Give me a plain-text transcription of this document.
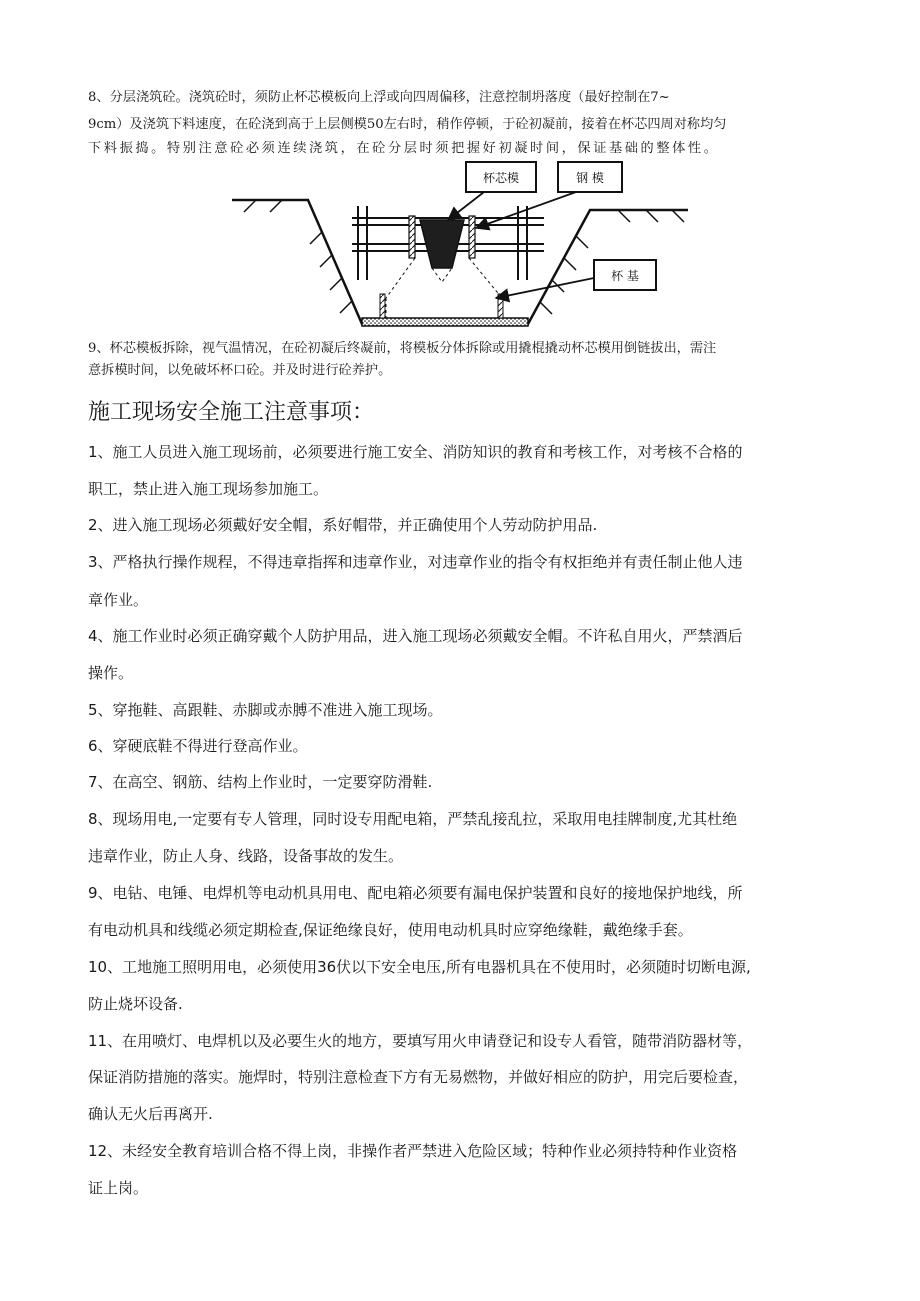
8、分层浇筑砼。浇筑砼时，须防止杯芯模板向上浮或向四周偏移，注意控制坍落度（最好控制在7~
9cm）及浇筑下料速度，在砼浇到高于上层侧模50左右时，稍作停顿，于砼初凝前，接着在杯芯四周对称均匀
下料振捣。特别注意砼必须连续浇筑，在砼分层时须把握好初凝时间，保证基础的整体性。
杯芯模	钢 模
杯 基
9、杯芯模板拆除，视气温情况，在砼初凝后终凝前，将模板分体拆除或用撬棍撬动杯芯模用倒链拔出，需注
意拆模时间，以免破坏杯口砼。并及时进行砼养护。
施工现场安全施工注意事项：
1、施工人员进入施工现场前，必须要进行施工安全、消防知识的教育和考核工作，对考核不合格的
职工，禁止进入施工现场参加施工。
2、进入施工现场必须戴好安全帽，系好帽带，并正确使用个人劳动防护用品.
3、严格执行操作规程，不得违章指挥和违章作业，对违章作业的指令有权拒绝并有责任制止他人违
章作业。
4、施工作业时必须正确穿戴个人防护用品，进入施工现场必须戴安全帽。不许私自用火，严禁酒后
操作。
5、穿拖鞋、高跟鞋、赤脚或赤膊不准进入施工现场。
6、穿硬底鞋不得进行登高作业。
7、在高空、钢筋、结构上作业时，一定要穿防滑鞋.
8、现场用电,一定要有专人管理，同时设专用配电箱，严禁乱接乱拉，采取用电挂牌制度,尤其杜绝
违章作业，防止人身、线路，设备事故的发生。
9、电钻、电锤、电焊机等电动机具用电、配电箱必须要有漏电保护装置和良好的接地保护地线，所
有电动机具和线缆必须定期检查,保证绝缘良好，使用电动机具时应穿绝缘鞋，戴绝缘手套。
10、工地施工照明用电，必须使用36伏以下安全电压,所有电器机具在不使用时，必须随时切断电源,
防止烧坏设备.
11、在用喷灯、电焊机以及必要生火的地方，要填写用火申请登记和设专人看管，随带消防器材等，
保证消防措施的落实。施焊时，特别注意检查下方有无易燃物，并做好相应的防护，用完后要检查，
确认无火后再离开.
12、未经安全教育培训合格不得上岗，非操作者严禁进入危险区域；特种作业必须持特种作业资格
证上岗。
